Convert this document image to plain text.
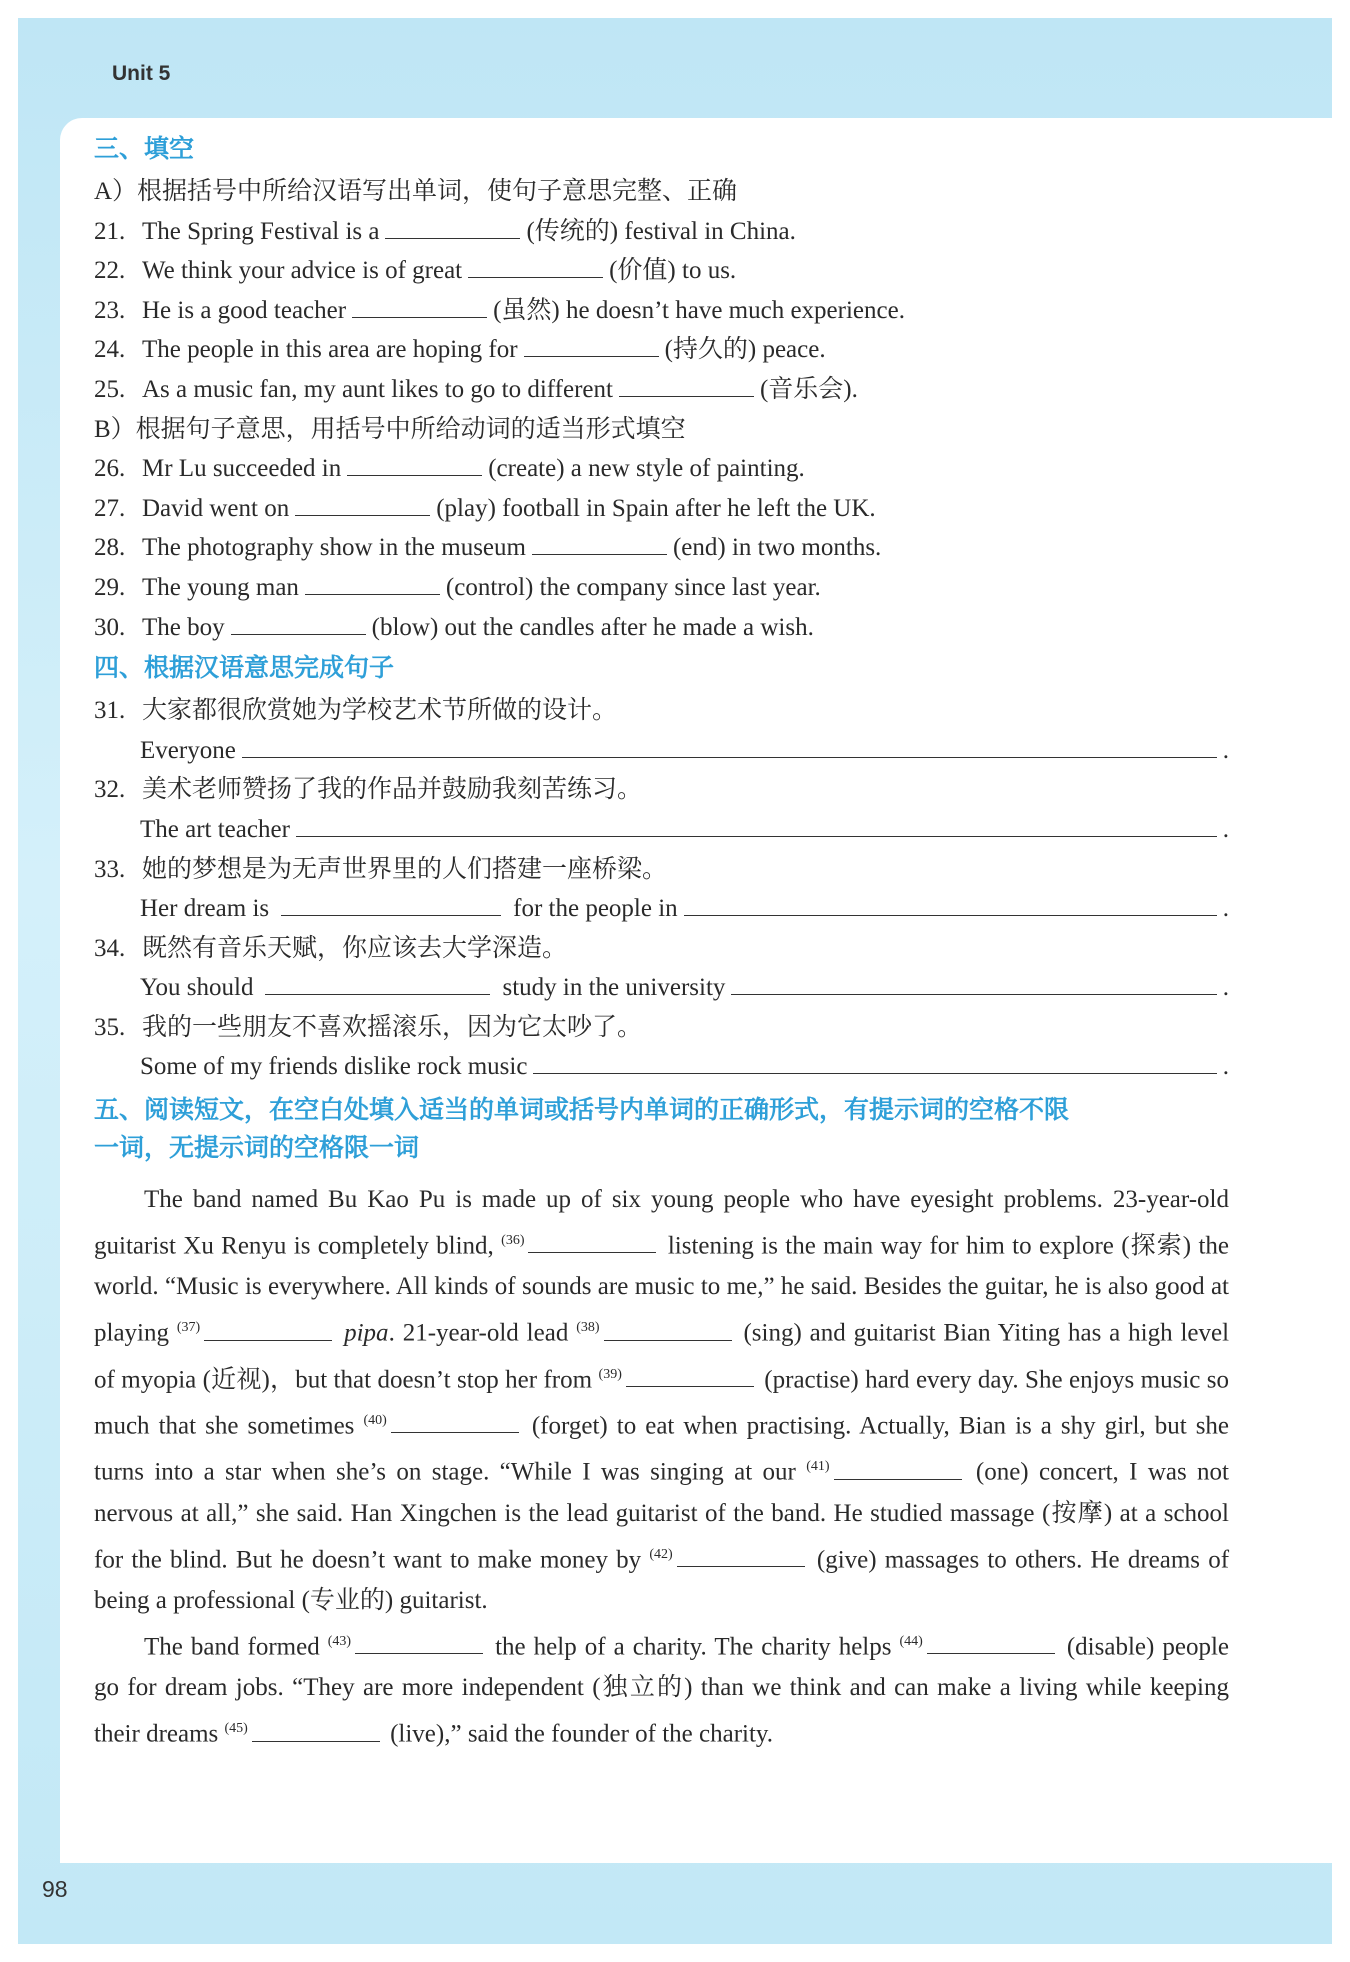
Unit 5
98
三、填空
A）根据括号中所给汉语写出单词，使句子意思完整、正确
21. The Spring Festival is a	(传统的) festival in China.
22. We think your advice is of great	(价值) to us.
23. He is a good teacher	(虽然) he doesn’t have much experience.
24. The people in this area are hoping for	(持久的) peace.
25. As a music fan, my aunt likes to go to different	(音乐会).
B）根据句子意思，用括号中所给动词的适当形式填空
26. Mr Lu succeeded in	(create) a new style of painting.
27. David went on	(play) football in Spain after he left the UK.
28. The photography show in the museum	(end) in two months.
29. The young man	(control) the company since last year.
30. The boy	(blow) out the candles after he made a wish.
四、根据汉语意思完成句子
31. 大家都很欣赏她为学校艺术节所做的设计。
Everyone	.
32. 美术老师赞扬了我的作品并鼓励我刻苦练习。
The art teacher	.
33. 她的梦想是为无声世界里的人们搭建一座桥梁。
Her dream is	for the people in	.
34. 既然有音乐天赋，你应该去大学深造。
You should	study in the university	.
35. 我的一些朋友不喜欢摇滚乐，因为它太吵了。
Some of my friends dislike rock music	.
五、阅读短文，在空白处填入适当的单词或括号内单词的正确形式，有提示词的空格不限
一词，无提示词的空格限一词

The band named Bu Kao Pu is made up of six young people who have eyesight problems. 23-year-old guitarist Xu Renyu is completely blind, $^{(36)}$	listening is the main way for him to explore (探索) the world. “Music is everywhere. All kinds of sounds are music to me,” he said. Besides the guitar, he is also good at playing $^{(37)}$	pipa. 21-year-old lead $^{(38)}$	(sing) and guitarist Bian Yiting has a high level of myopia (近视)，but that doesn’t stop her from $^{(39)}$	(practise) hard every day. She enjoys music so much that she sometimes $^{(40)}$	(forget) to eat when practising. Actually, Bian is a shy girl, but she turns into a star when she’s on stage. “While I was singing at our $^{(41)}$	(one) concert, I was not nervous at all,” she said. Han Xingchen is the lead guitarist of the band. He studied massage (按摩) at a school for the blind. But he doesn’t want to make money by $^{(42)}$	(give) massages to others. He dreams of being a professional (专业的) guitarist.

The band formed $^{(43)}$	the help of a charity. The charity helps $^{(44)}$	(disable) people go for dream jobs. “They are more independent (独立的) than we think and can make a living while keeping their dreams $^{(45)}$	(live),” said the founder of the charity.
